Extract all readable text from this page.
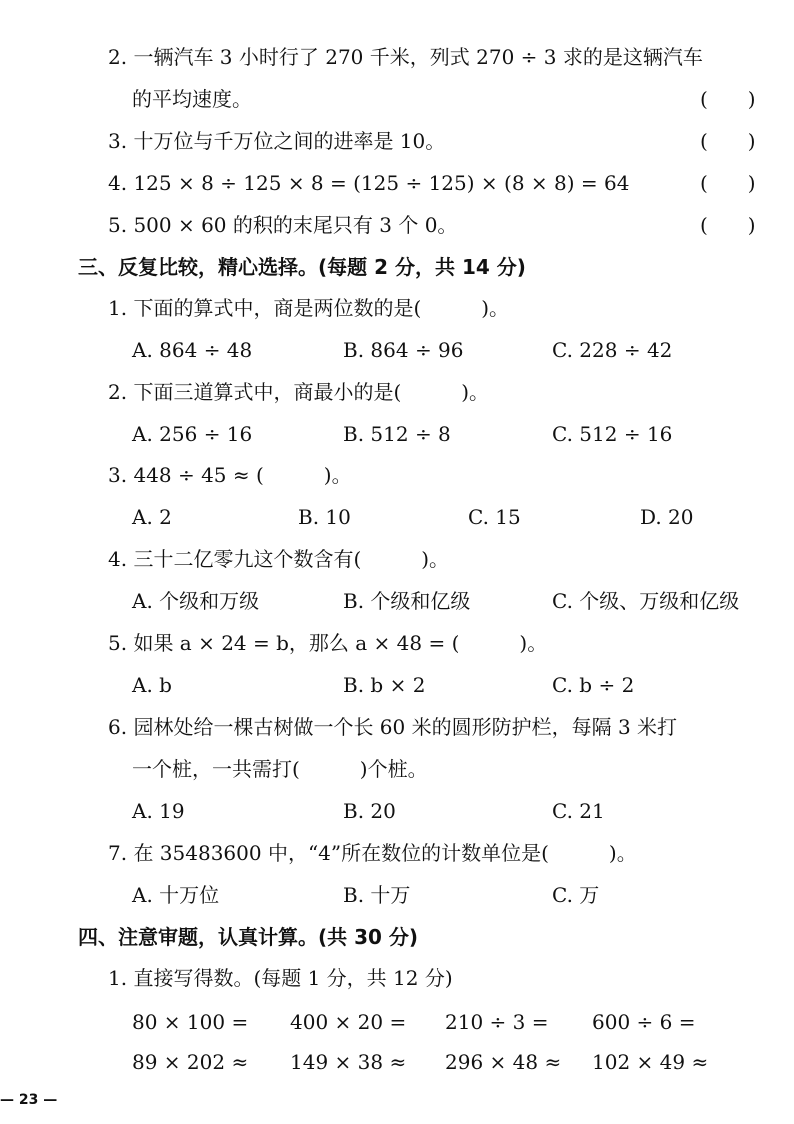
2. 一辆汽车 3 小时行了 270 千米，列式 270 ÷ 3 求的是这辆汽车
的平均速度。	(　　)
3. 十万位与千万位之间的进率是 10。	(　　)
4. 125 × 8 ÷ 125 × 8 = (125 ÷ 125) × (8 × 8) = 64	(　　)
5. 500 × 60 的积的末尾只有 3 个 0。	(　　)
三、反复比较，精心选择。(每题 2 分，共 14 分)
1. 下面的算式中，商是两位数的是(　　　)。
A. 864 ÷ 48	B. 864 ÷ 96	C. 228 ÷ 42
2. 下面三道算式中，商最小的是(　　　)。
A. 256 ÷ 16	B. 512 ÷ 8	C. 512 ÷ 16
3. 448 ÷ 45 ≈ (　　　)。
A. 2	B. 10	C. 15	D. 20
4. 三十二亿零九这个数含有(　　　)。
A. 个级和万级	B. 个级和亿级	C. 个级、万级和亿级
5. 如果 a × 24 = b，那么 a × 48 = (　　　)。
A. b	B. b × 2	C. b ÷ 2
6. 园林处给一棵古树做一个长 60 米的圆形防护栏，每隔 3 米打
一个桩，一共需打(　　　)个桩。
A. 19	B. 20	C. 21
7. 在 35483600 中，“4”所在数位的计数单位是(　　　)。
A. 十万位	B. 十万	C. 万
四、注意审题，认真计算。(共 30 分)
1. 直接写得数。(每题 1 分，共 12 分)
80 × 100 = 400 × 20 = 210 ÷ 3 = 600 ÷ 6 =
89 × 202 ≈ 149 × 38 ≈ 296 × 48 ≈ 102 × 49 ≈
— 23 —
